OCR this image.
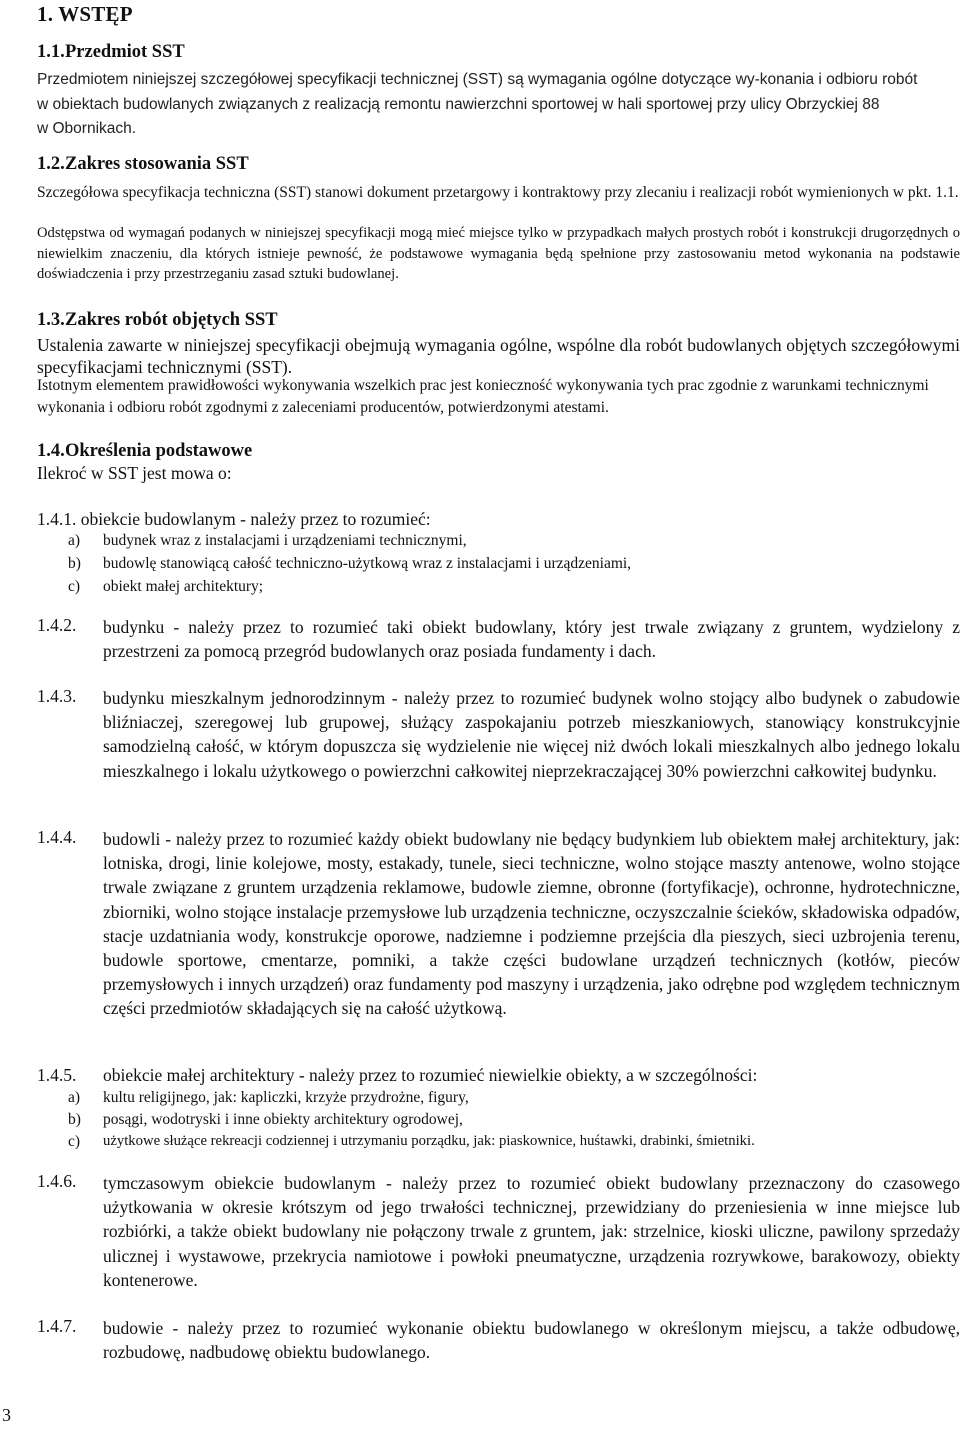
1. WSTĘP
1.1.Przedmiot SST
Przedmiotem niniejszej szczegółowej specyfikacji technicznej (SST) są wymagania ogólne dotyczące wy-konania i odbioru robót
w obiektach budowlanych związanych z realizacją remontu nawierzchni sportowej w hali sportowej przy ulicy Obrzyckiej 88
w Obornikach.
1.2.Zakres stosowania SST
Szczegółowa specyfikacja techniczna (SST) stanowi dokument przetargowy i kontraktowy przy zlecaniu i realizacji robót wymienionych w pkt. 1.1.
Odstępstwa od wymagań podanych w niniejszej specyfikacji mogą mieć miejsce tylko w przypadkach małych prostych robót i konstrukcji drugorzędnych o niewielkim znaczeniu, dla których istnieje pewność, że podstawowe wymagania będą spełnione przy zastosowaniu metod wykonania na podstawie doświadczenia i przy przestrzeganiu zasad sztuki budowlanej.
1.3.Zakres robót objętych SST
Ustalenia zawarte w niniejszej specyfikacji obejmują wymagania ogólne, wspólne dla robót budowlanych objętych szczegółowymi specyfikacjami technicznymi (SST).
Istotnym elementem prawidłowości wykonywania wszelkich prac jest konieczność wykonywania tych prac zgodnie z warunkami technicznymi wykonania i odbioru robót zgodnymi z zaleceniami producentów, potwierdzonymi atestami.
1.4.Określenia podstawowe
Ilekroć w SST jest mowa o:
1.4.1. obiekcie budowlanym - należy przez to rozumieć:
a) budynek wraz z instalacjami i urządzeniami technicznymi,
b) budowlę stanowiącą całość techniczno-użytkową wraz z instalacjami i urządzeniami,
c) obiekt małej architektury;
1.4.2. budynku - należy przez to rozumieć taki obiekt budowlany, który jest trwale związany z gruntem, wydzielony z przestrzeni za pomocą przegród budowlanych oraz posiada fundamenty i dach.
1.4.3. budynku mieszkalnym jednorodzinnym - należy przez to rozumieć budynek wolno stojący albo budynek o zabudowie bliźniaczej, szeregowej lub grupowej, służący zaspokajaniu potrzeb mieszkaniowych, stanowiący konstrukcyjnie samodzielną całość, w którym dopuszcza się wydzielenie nie więcej niż dwóch lokali mieszkalnych albo jednego lokalu mieszkalnego i lokalu użytkowego o powierzchni całkowitej nieprzekraczającej 30% powierzchni całkowitej budynku.
1.4.4. budowli - należy przez to rozumieć każdy obiekt budowlany nie będący budynkiem lub obiektem małej architektury, jak: lotniska, drogi, linie kolejowe, mosty, estakady, tunele, sieci techniczne, wolno stojące maszty antenowe, wolno stojące trwale związane z gruntem urządzenia reklamowe, budowle ziemne, obronne (fortyfikacje), ochronne, hydrotechniczne, zbiorniki, wolno stojące instalacje przemysłowe lub urządzenia techniczne, oczyszczalnie ścieków, składowiska odpadów, stacje uzdatniania wody, konstrukcje oporowe, nadziemne i podziemne przejścia dla pieszych, sieci uzbrojenia terenu, budowle sportowe, cmentarze, pomniki, a także części budowlane urządzeń technicznych (kotłów, pieców przemysłowych i innych urządzeń) oraz fundamenty pod maszyny i urządzenia, jako odrębne pod względem technicznym części przedmiotów składających się na całość użytkową.
1.4.5. obiekcie małej architektury - należy przez to rozumieć niewielkie obiekty, a w szczególności:
a) kultu religijnego, jak: kapliczki, krzyże przydrożne, figury,
b) posągi, wodotryski i inne obiekty architektury ogrodowej,
c) użytkowe służące rekreacji codziennej i utrzymaniu porządku, jak: piaskownice, huśtawki, drabinki, śmietniki.
1.4.6. tymczasowym obiekcie budowlanym - należy przez to rozumieć obiekt budowlany przeznaczony do czasowego użytkowania w okresie krótszym od jego trwałości technicznej, przewidziany do przeniesienia w inne miejsce lub rozbiórki, a także obiekt budowlany nie połączony trwale z gruntem, jak: strzelnice, kioski uliczne, pawilony sprzedaży ulicznej i wystawowe, przekrycia namiotowe i powłoki pneumatyczne, urządzenia rozrywkowe, barakowozy, obiekty kontenerowe.
1.4.7. budowie - należy przez to rozumieć wykonanie obiektu budowlanego w określonym miejscu, a także odbudowę, rozbudowę, nadbudowę obiektu budowlanego.
3
